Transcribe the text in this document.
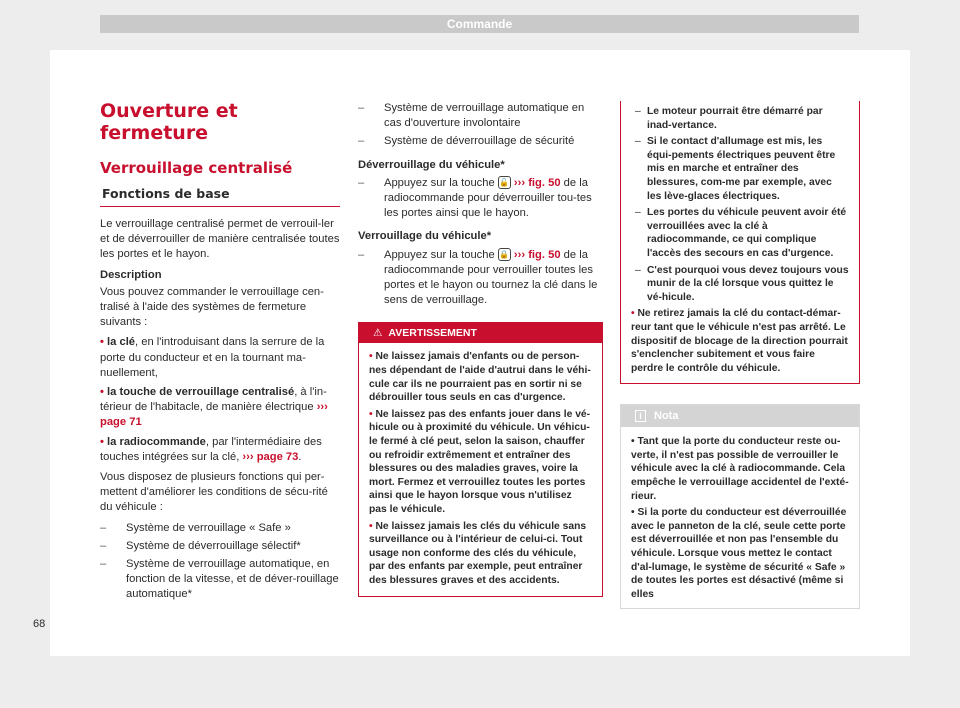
Commande
Ouverture et fermeture
Verrouillage centralisé
Fonctions de base

Le verrouillage centralisé permet de verrouil-ler et de déverrouiller de manière centralisée toutes les portes et le hayon.

Description

Vous pouvez commander le verrouillage cen-tralisé à l'aide des systèmes de fermeture suivants :

• la clé, en l'introduisant dans la serrure de la porte du conducteur et en la tournant ma-nuellement,

• la touche de verrouillage centralisé, à l'in-térieur de l'habitacle, de manière électrique ››› page 71

• la radiocommande, par l'intermédiaire des touches intégrées sur la clé, ››› page 73.

Vous disposez de plusieurs fonctions qui per-mettent d'améliorer les conditions de sécu-rité du véhicule :

–	Système de verrouillage « Safe »
–	Système de déverrouillage sélectif*
–	Système de verrouillage automatique, en fonction de la vitesse, et de déver-rouillage automatique*
–	Système de verrouillage automatique en cas d'ouverture involontaire
–	Système de déverrouillage de sécurité

Déverrouillage du véhicule*

–	Appuyez sur la touche 🔓 ››› fig. 50 de la radiocommande pour déverrouiller tou-tes les portes ainsi que le hayon.

Verrouillage du véhicule*

–	Appuyez sur la touche 🔒 ››› fig. 50 de la radiocommande pour verrouiller toutes les portes et le hayon ou tournez la clé dans le sens de verrouillage.
⚠ AVERTISSEMENT

• Ne laissez jamais d'enfants ou de person-nes dépendant de l'aide d'autrui dans le véhi-cule car ils ne pourraient pas en sortir ni se débrouiller tous seuls en cas d'urgence.

• Ne laissez pas des enfants jouer dans le vé-hicule ou à proximité du véhicule. Un véhicu-le fermé à clé peut, selon la saison, chauffer ou refroidir extrêmement et entraîner des blessures ou des maladies graves, voire la mort. Fermez et verrouillez toutes les portes ainsi que le hayon lorsque vous n'utilisez pas le véhicule.

• Ne laissez jamais les clés du véhicule sans surveillance ou à l'intérieur de celui-ci. Tout usage non conforme des clés du véhicule, par des enfants par exemple, peut entraîner des blessures graves et des accidents.

– Le moteur pourrait être démarré par inad-vertance.
– Si le contact d'allumage est mis, les équi-pements électriques peuvent être mis en marche et entraîner des blessures, com-me par exemple, avec les lève-glaces électriques.
– Les portes du véhicule peuvent avoir été verrouillées avec la clé à radiocommande, ce qui complique l'accès des secours en cas d'urgence.
– C'est pourquoi vous devez toujours vous munir de la clé lorsque vous quittez le vé-hicule.

• Ne retirez jamais la clé du contact-démar-reur tant que le véhicule n'est pas arrêté. Le dispositif de blocage de la direction pourrait s'enclencher subitement et vous faire perdre le contrôle du véhicule.

i Nota

• Tant que la porte du conducteur reste ou-verte, il n'est pas possible de verrouiller le véhicule avec la clé à radiocommande. Cela empêche le verrouillage accidentel de l'exté-rieur.

• Si la porte du conducteur est déverrouillée avec le panneton de la clé, seule cette porte est déverrouillée et non pas l'ensemble du véhicule. Lorsque vous mettez le contact d'al-lumage, le système de sécurité « Safe » de toutes les portes est désactivé (même si elles

68
